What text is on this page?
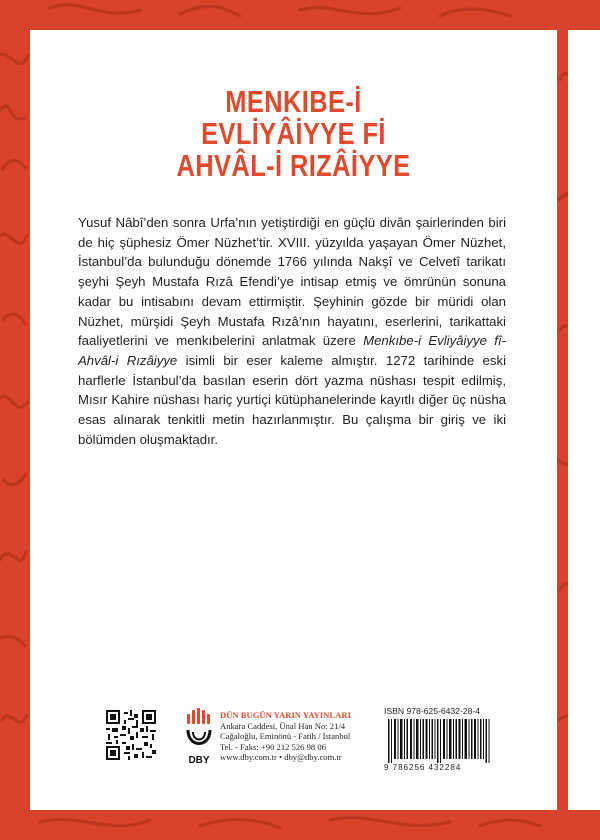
MENKIBE-İ
EVLİYÂİYYE Fİ
AHVÂL-İ RIZÂİYYE
Yusuf Nâbî’den sonra Urfa’nın yetiştirdiği en güçlü divân şairlerinden biri de hiç şüphesiz Ömer Nüzhet’tir. XVIII. yüzyılda yaşayan Ömer Nüzhet, İstanbul’da bulunduğu dönemde 1766 yılında Nakşî ve Celvetî tarikatı şeyhi Şeyh Mustafa Rızâ Efendi’ye intisap etmiş ve ömrünün sonuna kadar bu intisabını devam ettirmiştir. Şeyhinin gözde bir müridi olan Nüzhet, mürşidi Şeyh Mustafa Rızâ’nın hayatını, eserlerini, tarikattaki faaliyetlerini ve menkıbelerini anlatmak üzere Menkıbe-i Evliyâiyye fî-Ahvâl-i Rızâiyye isimli bir eser kaleme almıştır. 1272 tarihinde eski harflerle İstanbul’da basılan eserin dört yazma nüshası tespit edilmiş, Mısır Kahire nüshası hariç yurtiçi kütüphanelerinde kayıtlı diğer üç nüsha esas alınarak tenkitli metin hazırlanmıştır. Bu çalışma bir giriş ve iki bölümden oluşmaktadır.
DBY
DÜN BUGÜN YARIN YAYINLARI
Ankara Caddesi, Ünal Han No: 21/4
Cağaloğlu, Eminönü - Fatih / İstanbul
Tel. - Faks: +90 212 526 98 06
www.dby.com.tr • dby@dby.com.tr
ISBN 978-625-6432-28-4
9 786256 432284
